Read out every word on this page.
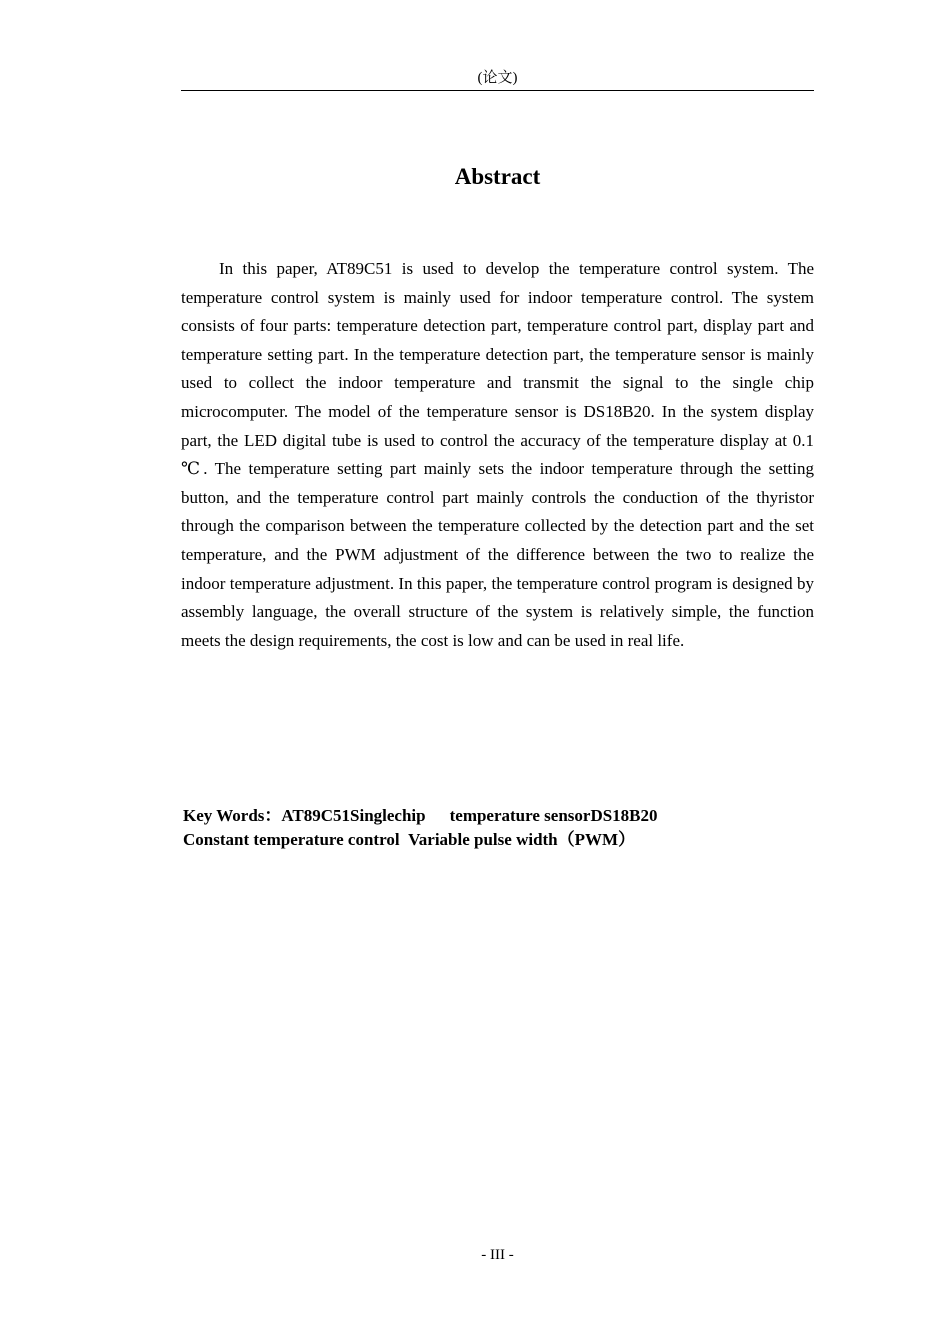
(论文)
Abstract

In this paper, AT89C51 is used to develop the temperature control system. The temperature control system is mainly used for indoor temperature control. The system consists of four parts: temperature detection part, temperature control part, display part and temperature setting part. In the temperature detection part, the temperature sensor is mainly used to collect the indoor temperature and transmit the signal to the single chip microcomputer. The model of the temperature sensor is DS18B20. In the system display part, the LED digital tube is used to control the accuracy of the temperature display at 0.1 ℃. The temperature setting part mainly sets the indoor temperature through the setting button, and the temperature control part mainly controls the conduction of the thyristor through the comparison between the temperature collected by the detection part and the set temperature, and the PWM adjustment of the difference between the two to realize the indoor temperature adjustment. In this paper, the temperature control program is designed by assembly language, the overall structure of the system is relatively simple, the function meets the design requirements, the cost is low and can be used in real life.

Key Words：AT89C51Singlechip temperature sensorDS18B20
Constant temperature control Variable pulse width（PWM）
- III -
